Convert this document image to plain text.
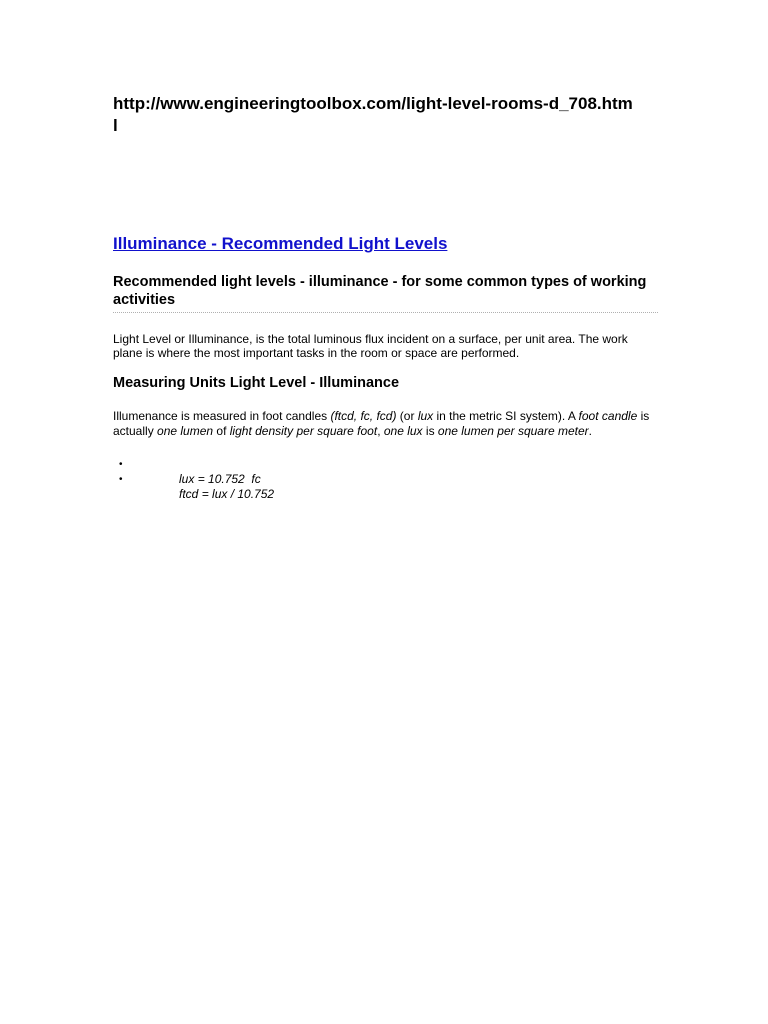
http://www.engineeringtoolbox.com/light-level-rooms-d_708.html
Illuminance - Recommended Light Levels
Recommended light levels - illuminance - for some common types of working activities

Light Level or Illuminance, is the total luminous flux incident on a surface, per unit area. The work plane is where the most important tasks in the room or space are performed.

Measuring Units Light Level - Illuminance

Illumenance is measured in foot candles (ftcd, fc, fcd) (or lux in the metric SI system). A foot candle is actually one lumen of light density per square foot, one lux is one lumen per square meter.

•
lux = 10.752  fc

•
ftcd = lux / 10.752
